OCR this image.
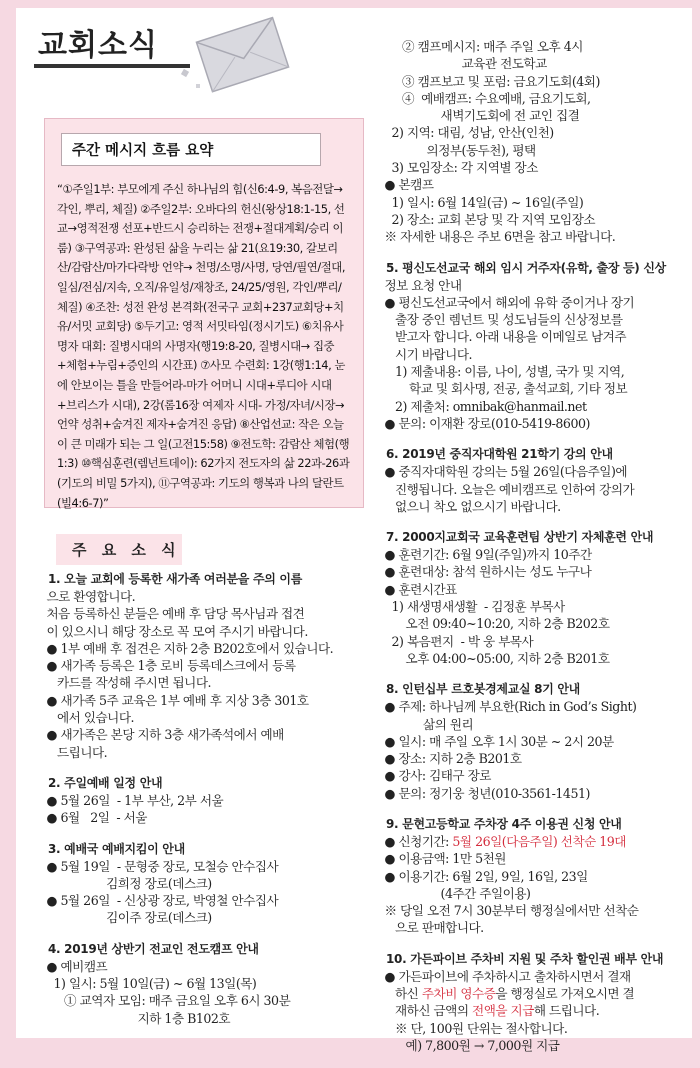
교회소식
주간 메시지 흐름 요약

“①주일1부: 부모에게 주신 하나님의 힘(신6:4-9, 복음전달→각인, 뿌리, 체질) ②주일2부: 오바다의 헌신(왕상18:1-15, 선교→영적전쟁 선포+반드시 승리하는 전쟁+절대계획/승리 이룸) ③구역공과: 완성된 삶을 누리는 삶 21(요19:30, 갈보리산/감람산/마가다락방 언약→ 천명/소명/사명, 당연/필연/절대, 일심/전심/지속, 오직/유일성/재창조, 24/25/영원, 각인/뿌리/체질) ④조찬: 성전 완성 본격화(전국구 교회+237교회당+치유/서밋 교회당) ⑤두기고: 영적 서밋타임(정시기도) ⑥치유사명자 대회: 질병시대의 사명자(행19:8-20, 질병시대→ 집중+체험+누림+증인의 시간표) ⑦사모 수련회: 1강(행1:14, 눈에 안보이는 틀을 만들어라-마가 어머니 시대+루디아 시대+브리스가 시대), 2강(롬16장 여제자 시대- 가정/자녀/시장→ 언약 성취+숨겨진 제자+숨겨진 응답) ⑧산업선교: 작은 오늘이 큰 미래가 되는 그 일(고전15:58) ⑨전도학: 감람산 체험(행1:3) ⑩핵심훈련(렘넌트데이): 62가지 전도자의 삶 22과-26과(기도의 비밀 5가지), ⑪구역공과: 기도의 행복과 나의 달란트(빌4:6-7)”

주 요 소 식
1. 오늘 교회에 등록한 새가족 여러분을 주의 이름

으로 환영합니다.

처음 등록하신 분들은 예배 후 담당 목사님과 접견

이 있으시니 해당 장소로 꼭 모여 주시기 바랍니다.

● 1부 예배 후 접견은 지하 2층 B202호에서 있습니다.

● 새가족 등록은 1층 로비 등록데스크에서 등록

카드를 작성해 주시면 됩니다.

● 새가족 5주 교육은 1부 예배 후 지상 3층 301호

에서 있습니다.

● 새가족은 본당 지하 3층 새가족석에서 예배

드립니다.

2. 주일예배 일정 안내

● 5월 26일  - 1부 부산, 2부 서울

● 6월   2일  - 서울

3. 예배국 예배지킴이 안내

● 5월 19일  - 문형중 장로, 모철승 안수집사

김희정 장로(데스크)

● 5월 26일  - 신상광 장로, 박영철 안수집사

김이주 장로(데스크)

4. 2019년 상반기 전교인 전도캠프 안내

● 예비캠프

1) 일시: 5월 10일(금) ~ 6월 13일(목)

① 교역자 모임: 매주 금요일 오후 6시 30분

지하 1층 B102호

② 캠프메시지: 매주 주일 오후 4시

교육관 전도학교

③ 캠프보고 및 포럼: 금요기도회(4회)

④  예배캠프: 수요예배, 금요기도회,

새벽기도회에 전 교인 집결

2) 지역: 대림, 성남, 안산(인천)

의정부(동두천), 평택

3) 모임장소: 각 지역별 장소

● 본캠프

1) 일시: 6월 14일(금) ~ 16일(주일)

2) 장소: 교회 본당 및 각 지역 모임장소

※ 자세한 내용은 주보 6면을 참고 바랍니다.

5. 평신도선교국 해외 임시 거주자(유학, 출장 등) 신상

정보 요청 안내

● 평신도선교국에서 해외에 유학 중이거나 장기

출장 중인 렘넌트 및 성도님들의 신상정보를

받고자 합니다. 아래 내용을 이메일로 남겨주

시기 바랍니다.

1) 제출내용: 이름, 나이, 성별, 국가 및 지역,

학교 및 회사명, 전공, 출석교회, 기타 정보

2) 제출처: omnibak@hanmail.net

● 문의: 이재환 장로(010-5419-8600)

6. 2019년 중직자대학원 21학기 강의 안내

● 중직자대학원 강의는 5월 26일(다음주일)에

진행됩니다. 오늘은 예비캠프로 인하여 강의가

없으니 착오 없으시기 바랍니다.

7. 2000지교회국 교육훈련팀 상반기 자체훈련 안내

● 훈련기간: 6월 9일(주일)까지 10주간

● 훈련대상: 참석 원하시는 성도 누구나

● 훈련시간표

1) 새생명새생활  - 김정훈 부목사

오전 09:40~10:20, 지하 2층 B202호

2) 복음편지  - 박 웅 부목사

오후 04:00~05:00, 지하 2층 B201호

8. 인턴십부 르호봇경제교실 8기 안내

● 주제: 하나님께 부요한(Rich in God’s Sight)

삶의 원리

● 일시: 매 주일 오후 1시 30분 ~ 2시 20분

● 장소: 지하 2층 B201호

● 강사: 김태구 장로

● 문의: 정기웅 청년(010-3561-1451)

9. 문현고등학교 주차장 4주 이용권 신청 안내

● 신청기간: 5월 26일(다음주일) 선착순 19대

● 이용금액: 1만 5천원

● 이용기간: 6월 2일, 9일, 16일, 23일

(4주간 주일이용)

※ 당일 오전 7시 30분부터 행정실에서만 선착순

으로 판매합니다.

10. 가든파이브 주차비 지원 및 주차 할인권 배부 안내

● 가든파이브에 주차하시고 출차하시면서 결재

하신 주차비 영수증을 행정실로 가져오시면 결

재하신 금액의 전액을 지급해 드립니다.

※ 단, 100원 단위는 절사합니다.

예) 7,800원 → 7,000원 지급
